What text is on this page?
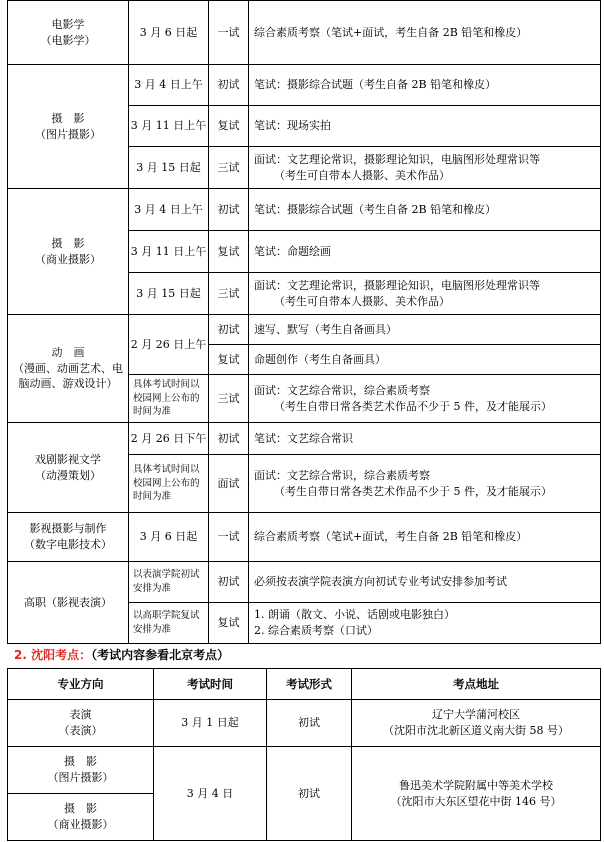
电影学
（电影学）	3 月 6 日起	一试	综合素质考察（笔试+面试，考生自备 2B 铅笔和橡皮）
摄　影
（图片摄影）	3 月 4 日上午	初试	笔试：摄影综合试题（考生自备 2B 铅笔和橡皮）
	3 月 11 日上午	复试	笔试：现场实拍
	3 月 15 日起	三试	面试：文艺理论常识，摄影理论知识，电脑图形处理常识等
（考生可自带本人摄影、美术作品）

摄　影
（商业摄影）	3 月 4 日上午	初试	笔试：摄影综合试题（考生自备 2B 铅笔和橡皮）
	3 月 11 日上午	复试	笔试：命题绘画
	3 月 15 日起	三试	面试：文艺理论常识，摄影理论知识，电脑图形处理常识等
（考生可自带本人摄影、美术作品）

动　画
（漫画、动画艺术、电脑动画、游戏设计）	2 月 26 日上午	初试	速写、默写（考生自备画具）
		复试	命题创作（考生自备画具）
	具体考试时间以校园网上公布的时间为准	三试	面试：文艺综合常识，综合素质考察
（考生自带日常各类艺术作品不少于 5 件，及才能展示）

戏剧影视文学
（动漫策划）	2 月 26 日下午	初试	笔试：文艺综合常识
	具体考试时间以校园网上公布的时间为准	面试	面试：文艺综合常识，综合素质考察
（考生自带日常各类艺术作品不少于 5 件，及才能展示）

影视摄影与制作
（数字电影技术）	3 月 6 日起	一试	综合素质考察（笔试+面试，考生自备 2B 铅笔和橡皮）
高职（影视表演）	以表演学院初试安排为准	初试	必须按表演学院表演方向初试专业考试安排参加考试
	以高职学院复试安排为准	复试	1. 朗诵（散文、小说、话剧或电影独白）
2. 综合素质考察（口试）
2. 沈阳考点：（考试内容参看北京考点）
专业方向	考试时间	考试形式	考点地址
表演
（表演）	3 月 1 日起	初试	辽宁大学蒲河校区
（沈阳市沈北新区道义南大街 58 号）
摄　影
（图片摄影）	3 月 4 日	初试	鲁迅美术学院附属中等美术学校
（沈阳市大东区望花中街 146 号）
摄　影
（商业摄影）			
